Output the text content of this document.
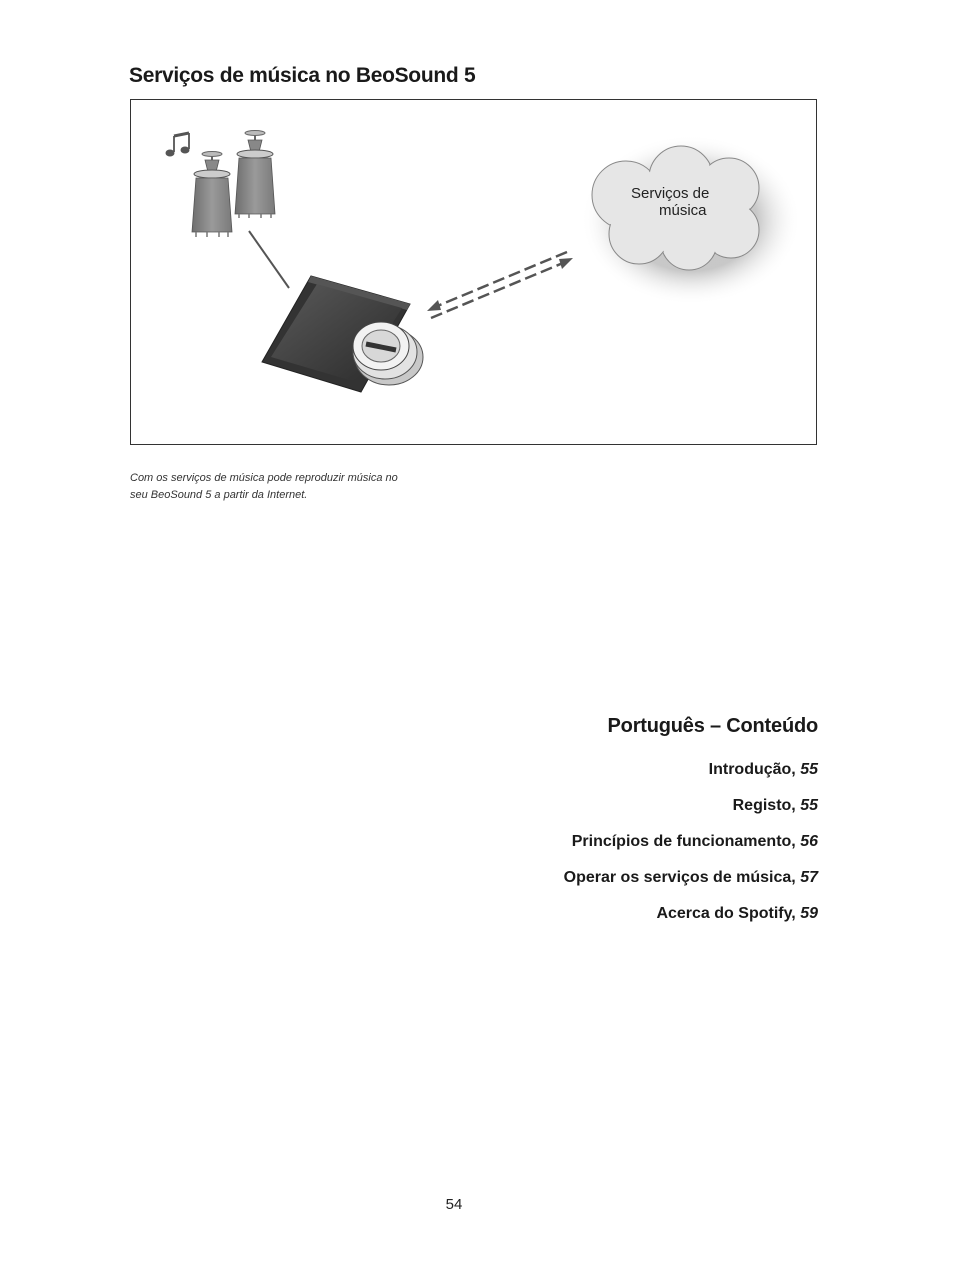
Serviços de música no BeoSound 5
Serviços de
música
Com os serviços de música pode reproduzir música no
seu BeoSound 5 a partir da Internet.
Português – Conteúdo
Introdução, 55
Registo, 55
Princípios de funcionamento, 56
Operar os serviços de música, 57
Acerca do Spotify, 59
54
